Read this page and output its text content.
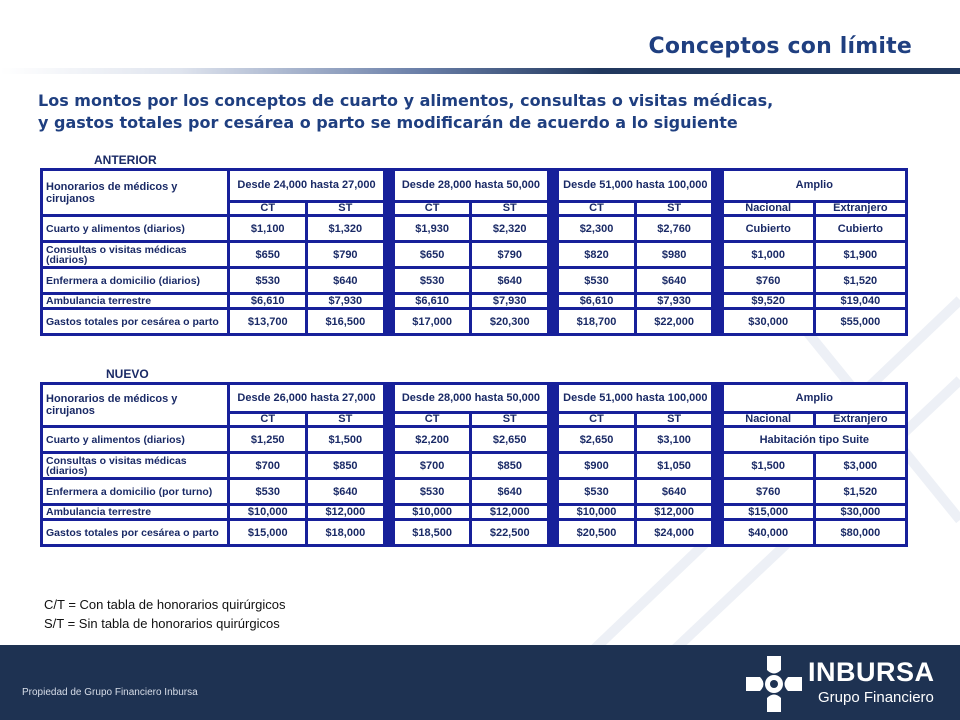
Conceptos con límite
Los montos por los conceptos de cuarto y alimentos, consultas o visitas médicas,
y gastos totales por cesárea o parto se modificarán de acuerdo a lo siguiente
ANTERIOR
Honorarios de médicos y cirujanos	Desde 24,000 hasta 27,000			Desde 28,000 hasta 50,000			Desde 51,000 hasta 100,000			Amplio	
	CT	ST		CT	ST		CT	ST		Nacional	Extranjero
Cuarto y alimentos (diarios)	$1,100	$1,320		$1,930	$2,320		$2,300	$2,760		Cubierto	Cubierto
Consultas o visitas médicas (diarios)	$650	$790		$650	$790		$820	$980		$1,000	$1,900
Enfermera a domicilio (diarios)	$530	$640		$530	$640		$530	$640		$760	$1,520
Ambulancia terrestre	$6,610	$7,930		$6,610	$7,930		$6,610	$7,930		$9,520	$19,040
Gastos totales por cesárea o parto	$13,700	$16,500		$17,000	$20,300		$18,700	$22,000		$30,000	$55,000
NUEVO
Honorarios de médicos y cirujanos	Desde 26,000 hasta 27,000			Desde 28,000 hasta 50,000			Desde 51,000 hasta 100,000			Amplio	
	CT	ST		CT	ST		CT	ST		Nacional	Extranjero
Cuarto y alimentos (diarios)	$1,250	$1,500		$2,200	$2,650		$2,650	$3,100		Habitación tipo Suite	
Consultas o visitas médicas (diarios)	$700	$850		$700	$850		$900	$1,050		$1,500	$3,000
Enfermera a domicilio (por turno)	$530	$640		$530	$640		$530	$640		$760	$1,520
Ambulancia terrestre	$10,000	$12,000		$10,000	$12,000		$10,000	$12,000		$15,000	$30,000
Gastos totales por cesárea o parto	$15,000	$18,000		$18,500	$22,500		$20,500	$24,000		$40,000	$80,000
C/T = Con tabla de honorarios quirúrgicos
S/T = Sin tabla de honorarios quirúrgicos
Propiedad de Grupo Financiero Inbursa
INBURSA
Grupo Financiero
